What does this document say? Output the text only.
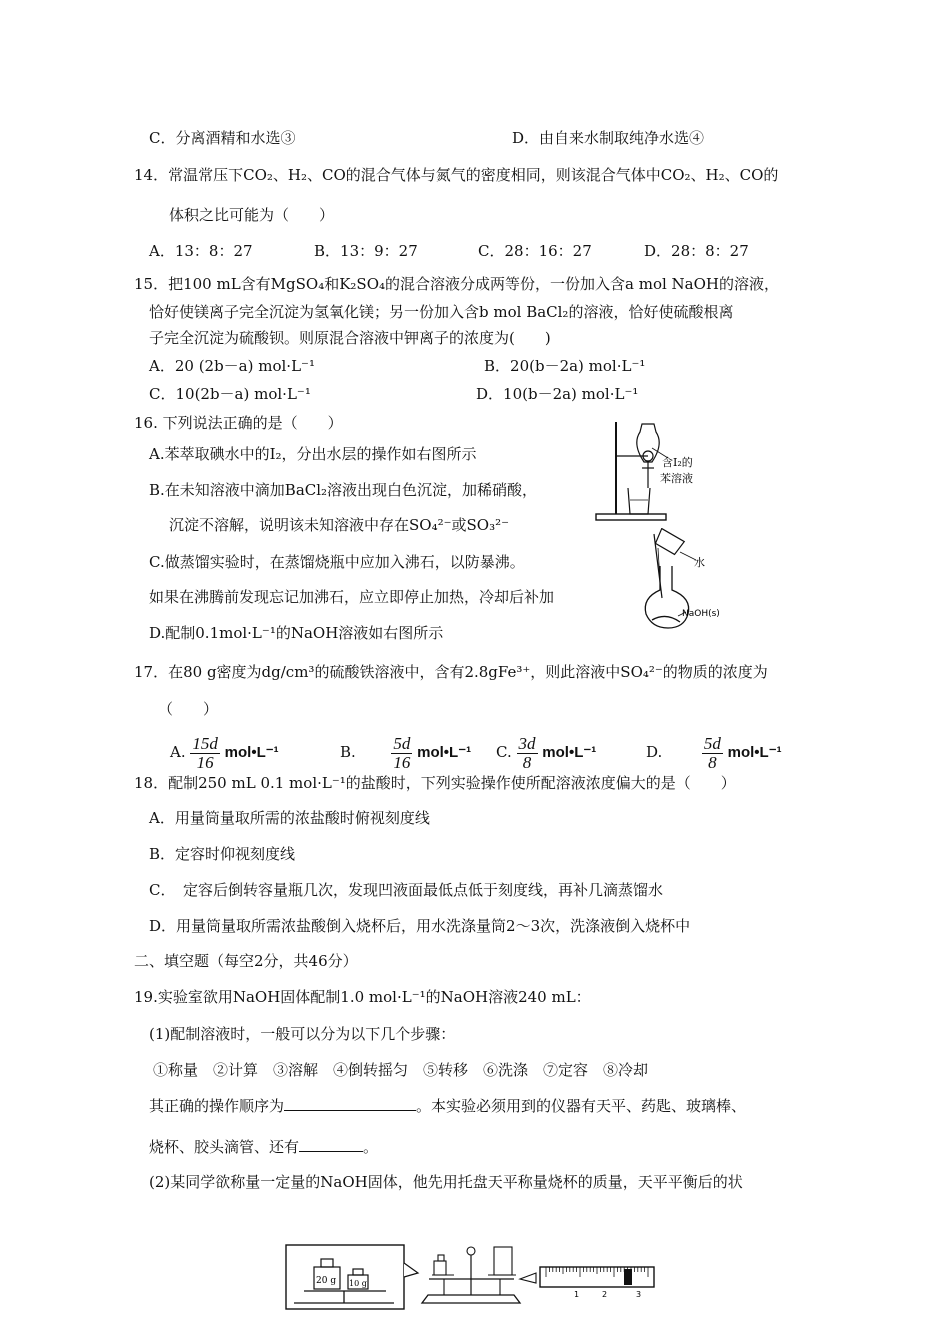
C．分离酒精和水选③	D．由自来水制取纯净水选④
14．常温常压下CO₂、H₂、CO的混合气体与氮气的密度相同，则该混合气体中CO₂、H₂、CO的
体积之比可能为（　　）
A．13：8：27	B．13：9：27	C．28：16：27	D．28：8：27
15．把100 mL含有MgSO₄和K₂SO₄的混合溶液分成两等份，一份加入含a mol NaOH的溶液，
恰好使镁离子完全沉淀为氢氧化镁；另一份加入含b mol BaCl₂的溶液，恰好使硫酸根离
子完全沉淀为硫酸钡。则原混合溶液中钾离子的浓度为(　　)
A．20 (2b－a) mol·L⁻¹	B．20(b－2a) mol·L⁻¹
C．10(2b－a) mol·L⁻¹	D．10(b－2a) mol·L⁻¹
16. 下列说法正确的是（　　）
A.苯萃取碘水中的I₂，分出水层的操作如右图所示
B.在未知溶液中滴加BaCl₂溶液出现白色沉淀，加稀硝酸，
沉淀不溶解，说明该未知溶液中存在SO₄²⁻或SO₃²⁻
C.做蒸馏实验时，在蒸馏烧瓶中应加入沸石，以防暴沸。
如果在沸腾前发现忘记加沸石，应立即停止加热，冷却后补加
D.配制0.1mol·L⁻¹的NaOH溶液如右图所示
含I₂的
苯溶液
水
NaOH(s)
17．在80 g密度为dg/cm³的硫酸铁溶液中，含有2.8gFe³⁺，则此溶液中SO₄²⁻的物质的浓度为
（　　）
A. $\frac{15d}{16}$ mol•L⁻¹	B. $\frac{5d}{16}$ mol•L⁻¹ C. $\frac{3d}{8}$ mol•L⁻¹	D. $\frac{5d}{8}$ mol•L⁻¹
18．配制250 mL 0.1 mol·L⁻¹的盐酸时，下列实验操作使所配溶液浓度偏大的是（　　）
A．用量筒量取所需的浓盐酸时俯视刻度线
B．定容时仰视刻度线
C．　定容后倒转容量瓶几次，发现凹液面最低点低于刻度线，再补几滴蒸馏水
D．用量筒量取所需浓盐酸倒入烧杯后，用水洗涤量筒2～3次，洗涤液倒入烧杯中
二、填空题（每空2分，共46分）
19.实验室欲用NaOH固体配制1.0 mol·L⁻¹的NaOH溶液240 mL：
(1)配制溶液时，一般可以分为以下几个步骤：
①称量　②计算　③溶解　④倒转摇匀　⑤转移　⑥洗涤　⑦定容　⑧冷却
其正确的操作顺序为	。本实验必须用到的仪器有天平、药匙、玻璃棒、
烧杯、胶头滴管、还有	。
(2)某同学欲称量一定量的NaOH固体，他先用托盘天平称量烧杯的质量，天平平衡后的状
20 g 10 g
1	2	3
